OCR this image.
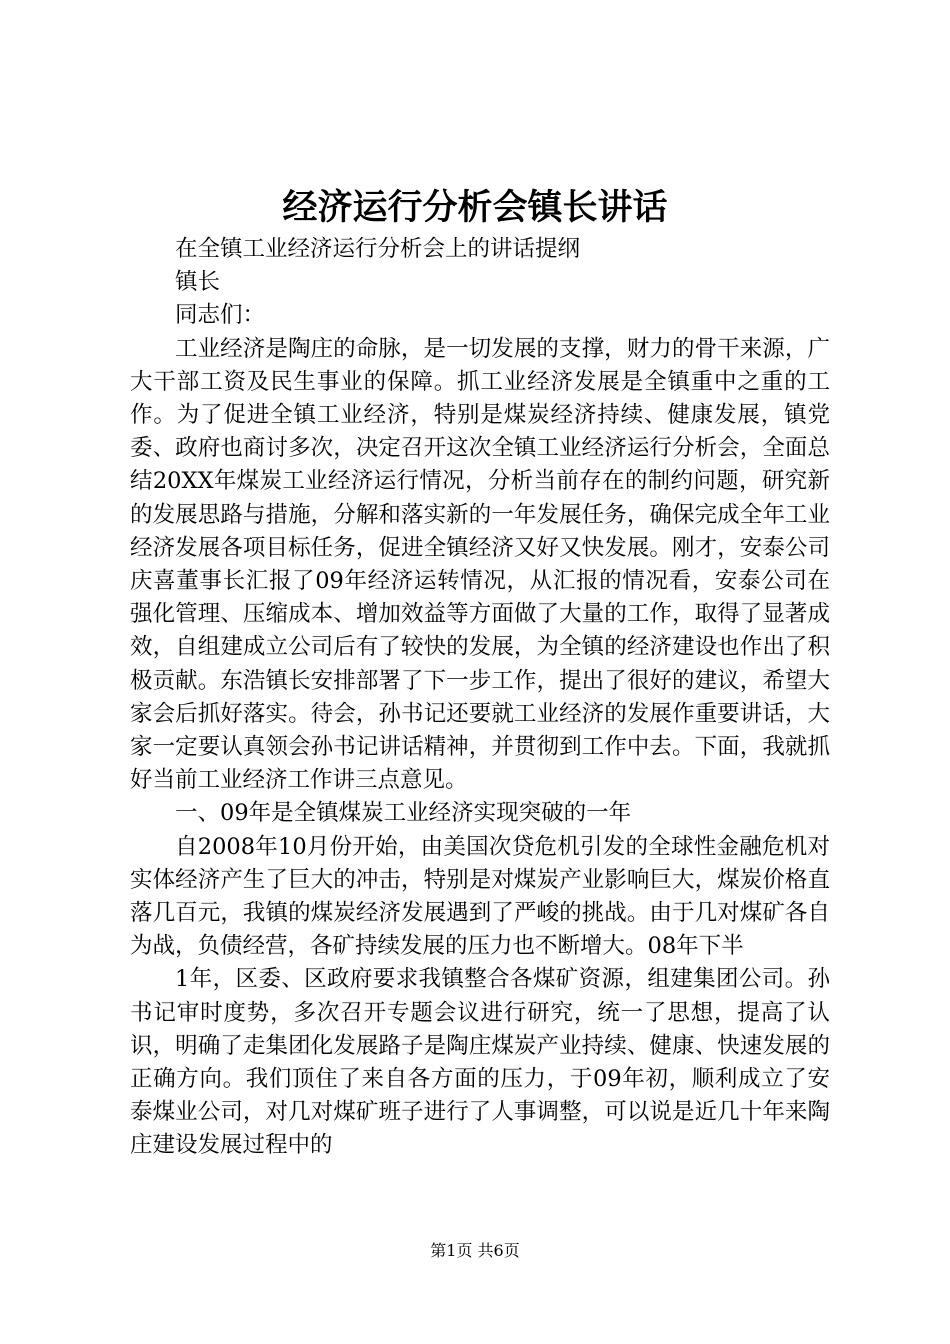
经济运行分析会镇长讲话

在全镇工业经济运行分析会上的讲话提纲

镇长

同志们：

工业经济是陶庄的命脉，是一切发展的支撑，财力的骨干来源，广大干部工资及民生事业的保障。抓工业经济发展是全镇重中之重的工作。为了促进全镇工业经济，特别是煤炭经济持续、健康发展，镇党委、政府也商讨多次，决定召开这次全镇工业经济运行分析会，全面总结20XX年煤炭工业经济运行情况，分析当前存在的制约问题，研究新的发展思路与措施，分解和落实新的一年发展任务，确保完成全年工业经济发展各项目标任务，促进全镇经济又好又快发展。刚才，安泰公司庆喜董事长汇报了09年经济运转情况，从汇报的情况看，安泰公司在强化管理、压缩成本、增加效益等方面做了大量的工作，取得了显著成效，自组建成立公司后有了较快的发展，为全镇的经济建设也作出了积极贡献。东浩镇长安排部署了下一步工作，提出了很好的建议，希望大家会后抓好落实。待会，孙书记还要就工业经济的发展作重要讲话，大家一定要认真领会孙书记讲话精神，并贯彻到工作中去。下面，我就抓好当前工业经济工作讲三点意见。

一、09年是全镇煤炭工业经济实现突破的一年

自2008年10月份开始，由美国次贷危机引发的全球性金融危机对实体经济产生了巨大的冲击，特别是对煤炭产业影响巨大，煤炭价格直落几百元，我镇的煤炭经济发展遇到了严峻的挑战。由于几对煤矿各自为战，负债经营，各矿持续发展的压力也不断增大。08年下半

1年，区委、区政府要求我镇整合各煤矿资源，组建集团公司。孙书记审时度势，多次召开专题会议进行研究，统一了思想，提高了认识，明确了走集团化发展路子是陶庄煤炭产业持续、健康、快速发展的正确方向。我们顶住了来自各方面的压力，于09年初，顺利成立了安泰煤业公司，对几对煤矿班子进行了人事调整，可以说是近几十年来陶庄建设发展过程中的

第1页 共6页
